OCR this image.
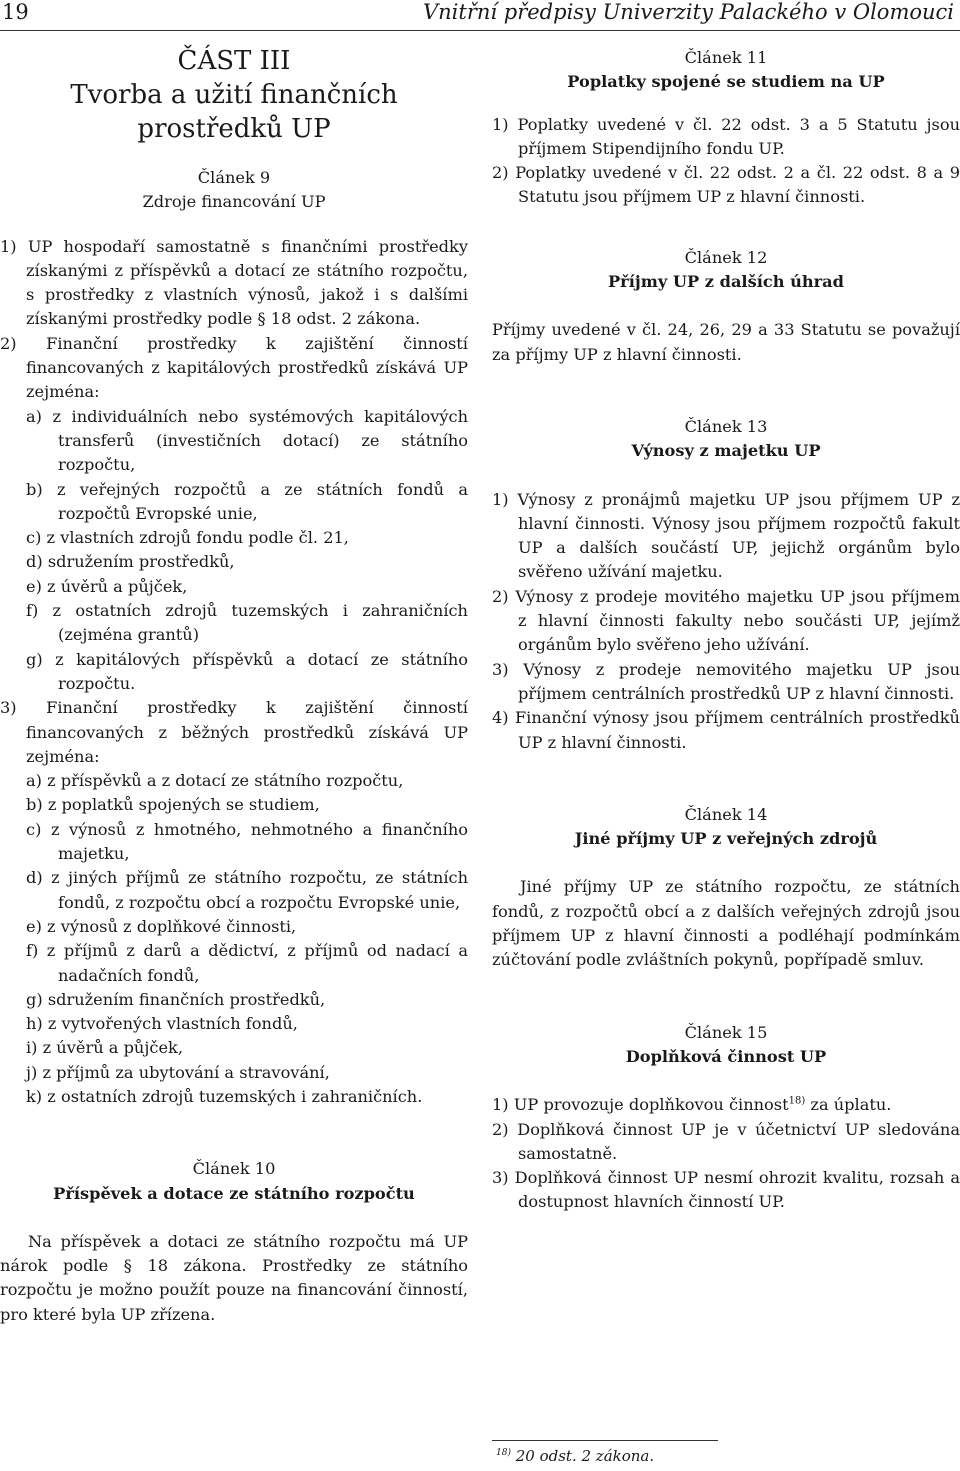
19	Vnitřní předpisy Univerzity Palackého v Olomouci
ČÁST III
Tvorba a užití finančních
prostředků UP

Článek 9

Zdroje financování UP

1) UP hospodaří samostatně s finančními prostředky získanými z příspěvků a dotací ze státního rozpočtu, s prostředky z vlastních výnosů, jakož i s dalšími získanými prostředky podle § 18 odst. 2 zákona.

2) Finanční prostředky k zajištění činností financovaných z kapitálových prostředků získává UP zejména:

a) z individuálních nebo systémových kapitálových transferů (investičních dotací) ze státního rozpočtu,

b) z veřejných rozpočtů a ze státních fondů a rozpočtů Evropské unie,

c) z vlastních zdrojů fondu podle čl. 21,

d) sdružením prostředků,

e) z úvěrů a půjček,

f) z ostatních zdrojů tuzemských i zahraničních (zejména grantů)

g) z kapitálových příspěvků a dotací ze státního rozpočtu.

3) Finanční prostředky k zajištění činností financovaných z běžných prostředků získává UP zejména:

a) z příspěvků a z dotací ze státního rozpočtu,

b) z poplatků spojených se studiem,

c) z výnosů z hmotného, nehmotného a finančního majetku,

d) z jiných příjmů ze státního rozpočtu, ze státních fondů, z rozpočtu obcí a rozpočtu Evropské unie,

e) z výnosů z doplňkové činnosti,

f) z příjmů z darů a dědictví, z příjmů od nadací a nadačních fondů,

g) sdružením finančních prostředků,

h) z vytvořených vlastních fondů,

i) z úvěrů a půjček,

j) z příjmů za ubytování a stravování,

k) z ostatních zdrojů tuzemských i zahraničních.

Článek 10

Příspěvek a dotace ze státního rozpočtu

Na příspěvek a dotaci ze státního rozpočtu má UP nárok podle § 18 zákona. Prostředky ze státního rozpočtu je možno použít pouze na financování činností, pro které byla UP zřízena.

Článek 11

Poplatky spojené se studiem na UP

1) Poplatky uvedené v čl. 22 odst. 3 a 5 Statutu jsou příjmem Stipendijního fondu UP.

2) Poplatky uvedené v čl. 22 odst. 2 a čl. 22 odst. 8 a 9 Statutu jsou příjmem UP z hlavní činnosti.

Článek 12

Příjmy UP z dalších úhrad

Příjmy uvedené v čl. 24, 26, 29 a 33 Statutu se považují za příjmy UP z hlavní činnosti.

Článek 13

Výnosy z majetku UP

1) Výnosy z pronájmů majetku UP jsou příjmem UP z hlavní činnosti. Výnosy jsou příjmem rozpočtů fakult UP a dalších součástí UP, jejichž orgánům bylo svěřeno užívání majetku.

2) Výnosy z prodeje movitého majetku UP jsou příjmem z hlavní činnosti fakulty nebo součásti UP, jejímž orgánům bylo svěřeno jeho užívání.

3) Výnosy z prodeje nemovitého majetku UP jsou příjmem centrálních prostředků UP z hlavní činnosti.

4) Finanční výnosy jsou příjmem centrálních prostředků UP z hlavní činnosti.

Článek 14

Jiné příjmy UP z veřejných zdrojů

Jiné příjmy UP ze státního rozpočtu, ze státních fondů, z rozpočtů obcí a z dalších veřejných zdrojů jsou příjmem UP z hlavní činnosti a podléhají podmínkám zúčtování podle zvláštních pokynů, popřípadě smluv.

Článek 15

Doplňková činnost UP

1) UP provozuje doplňkovou činnost$^{18)}$ za úplatu.

2) Doplňková činnost UP je v účetnictví UP sledována samostatně.

3) Doplňková činnost UP nesmí ohrozit kvalitu, rozsah a dostupnost hlavních činností UP.

$^{18)}$ 20 odst. 2 zákona.
